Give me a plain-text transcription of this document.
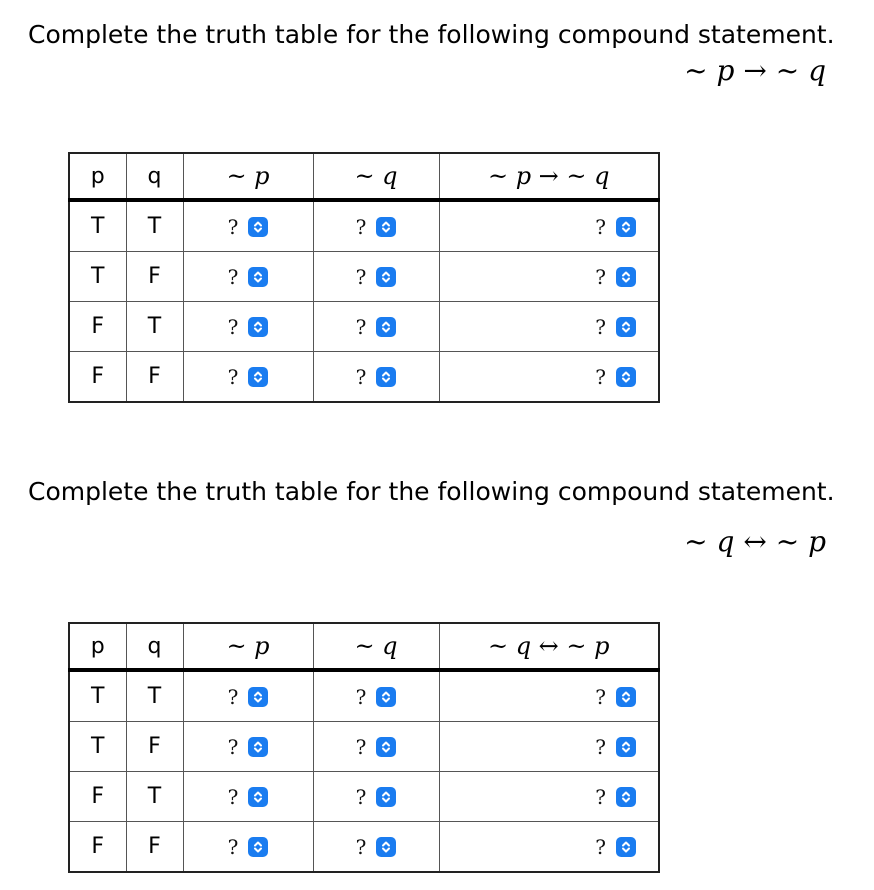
Complete the truth table for the following compound statement.
~ p → ~ q
p	q	~ p	~ q	~ p → ~ q
T	T	?	?	?

T	F	?	?	?

F	T	?	?	?

F	F	?	?	?
Complete the truth table for the following compound statement.
~ q ↔ ~ p
p	q	~ p	~ q	~ q ↔ ~ p
T	T	?	?	?

T	F	?	?	?

F	T	?	?	?

F	F	?	?	?
